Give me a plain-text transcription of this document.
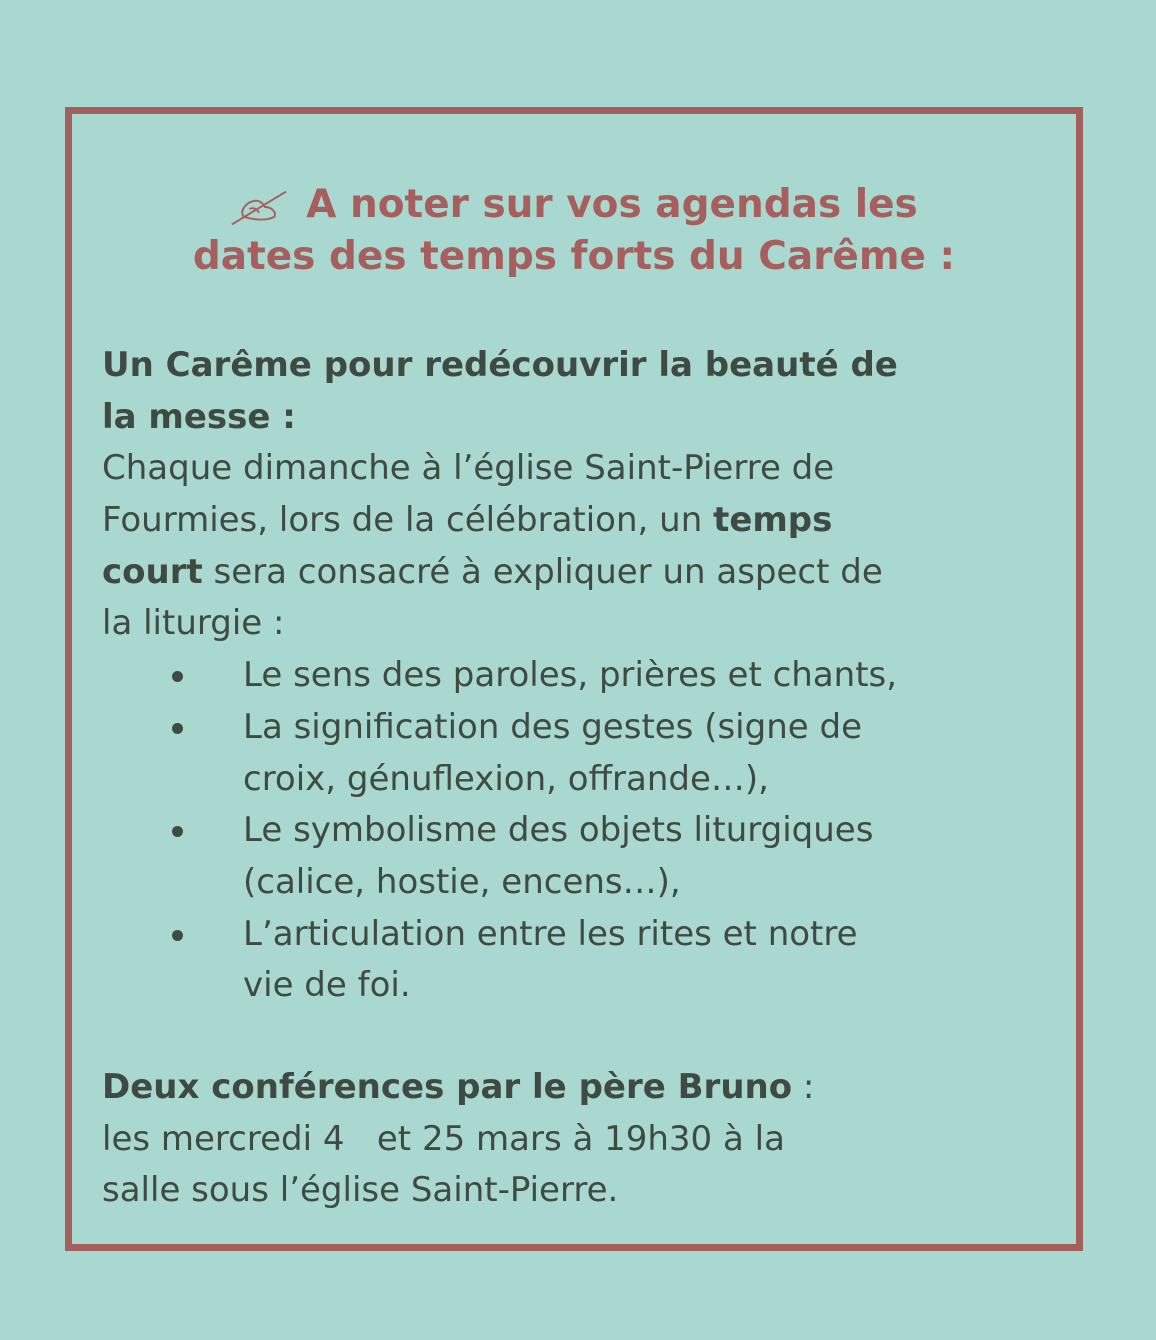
A noter sur vos agendas les
dates des temps forts du Carême :
Un Carême pour redécouvrir la beauté de
la messe :
Chaque dimanche à l’église Saint-Pierre de
Fourmies, lors de la célébration, un temps
court sera consacré à expliquer un aspect de
la liturgie :
Le sens des paroles, prières et chants,
La signification des gestes (signe de
croix, génuflexion, offrande…),
Le symbolisme des objets liturgiques
(calice, hostie, encens…),
L’articulation entre les rites et notre
vie de foi.
Deux conférences par le père Bruno :
les mercredi 4   et 25 mars à 19h30 à la
salle sous l’église Saint-Pierre.
